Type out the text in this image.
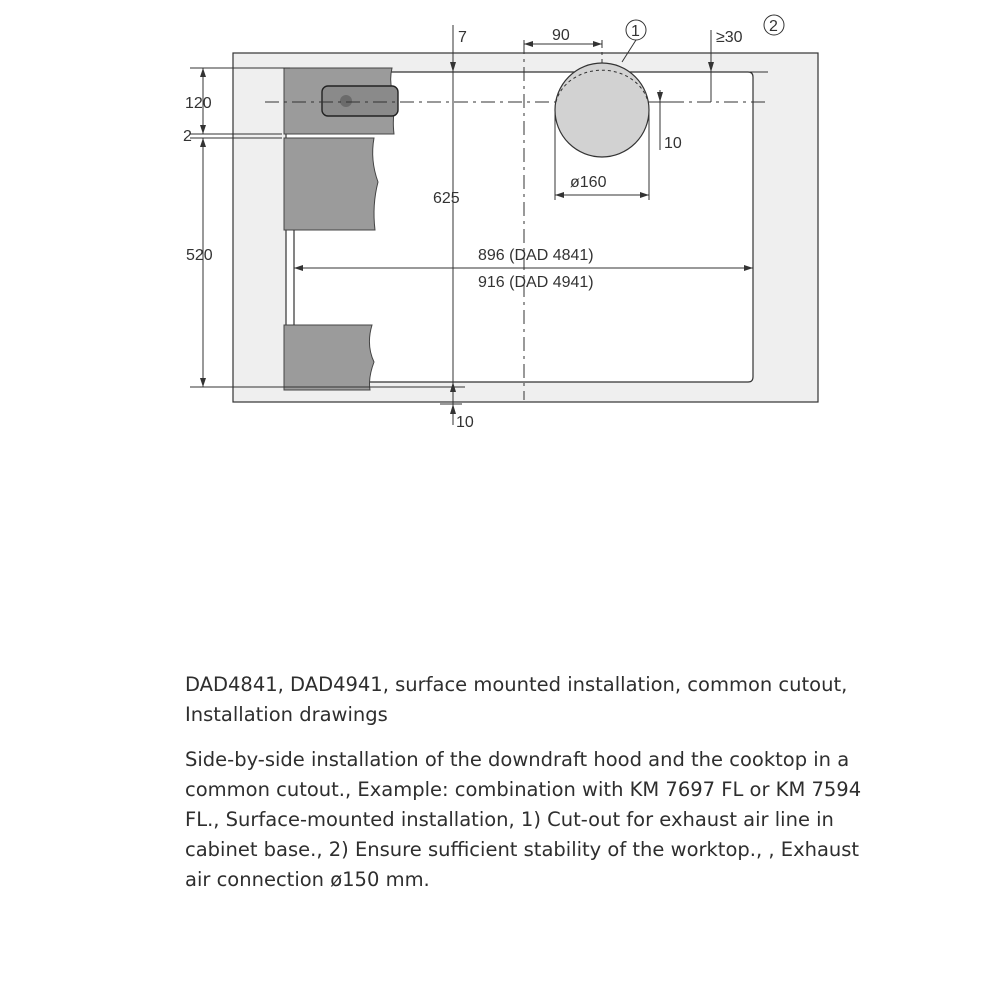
7	90	≥30
120
2
625
520
10
ø160
896 (DAD 4841)
916 (DAD 4941)
10
1	2
DAD4841, DAD4941, surface mounted installation, common cutout, Installation drawings
Side-by-side installation of the downdraft hood and the cooktop in a common cutout., Example: combination with KM 7697 FL or KM 7594 FL., Surface-mounted installation, 1) Cut-out for exhaust air line in cabinet base., 2) Ensure sufficient stability of the worktop., , Exhaust air connection ø150 mm.
